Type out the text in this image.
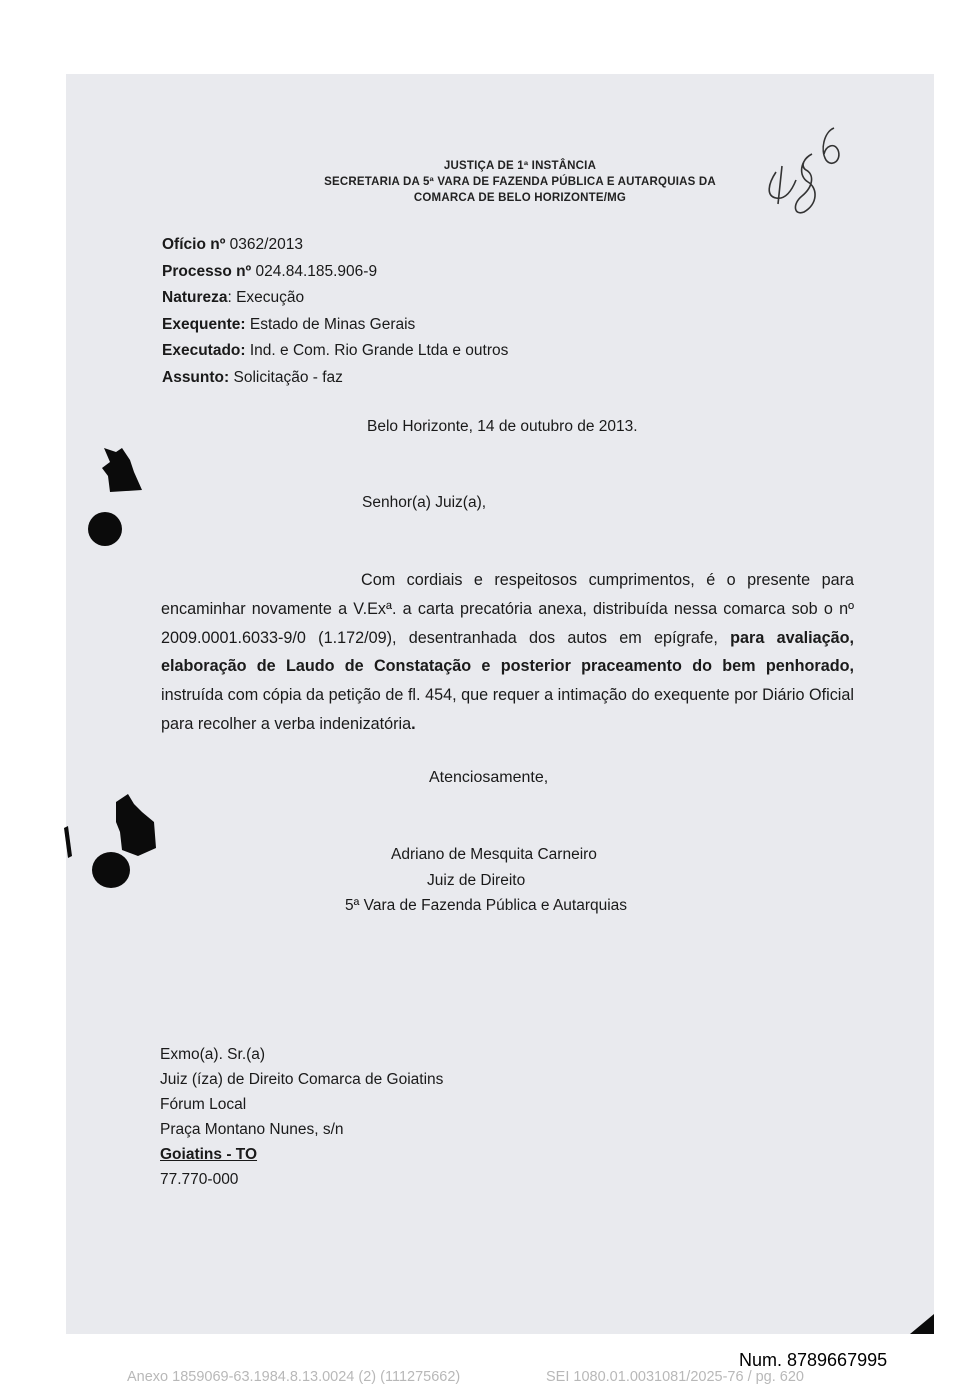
JUSTIÇA DE 1ª INSTÂNCIA
SECRETARIA DA 5ª VARA DE FAZENDA PÚBLICA E AUTARQUIAS DA
COMARCA DE BELO HORIZONTE/MG
Ofício nº 0362/2013
Processo nº 024.84.185.906-9
Natureza: Execução
Exequente: Estado de Minas Gerais
Executado: Ind. e Com. Rio Grande Ltda e outros
Assunto: Solicitação - faz
Belo Horizonte, 14 de outubro de 2013.
Senhor(a) Juiz(a),
Com cordiais e respeitosos cumprimentos, é o presente para encaminhar novamente a V.Exª. a carta precatória anexa, distribuída nessa comarca sob o nº 2009.0001.6033-9/0 (1.172/09), desentranhada dos autos em epígrafe, para avaliação, elaboração de Laudo de Constatação e posterior praceamento do bem penhorado, instruída com cópia da petição de fl. 454, que requer a intimação do exequente por Diário Oficial para recolher a verba indenizatória.
Atenciosamente,
Adriano de Mesquita Carneiro
Juiz de Direito
5ª Vara de Fazenda Pública e Autarquias
Exmo(a). Sr.(a)
Juiz (íza) de Direito Comarca de Goiatins
Fórum Local
Praça Montano Nunes, s/n
Goiatins - TO
77.770-000
Num. 8789667995
Anexo 1859069-63.1984.8.13.0024 (2) (111275662)	SEI 1080.01.0031081/2025-76 / pg. 620
